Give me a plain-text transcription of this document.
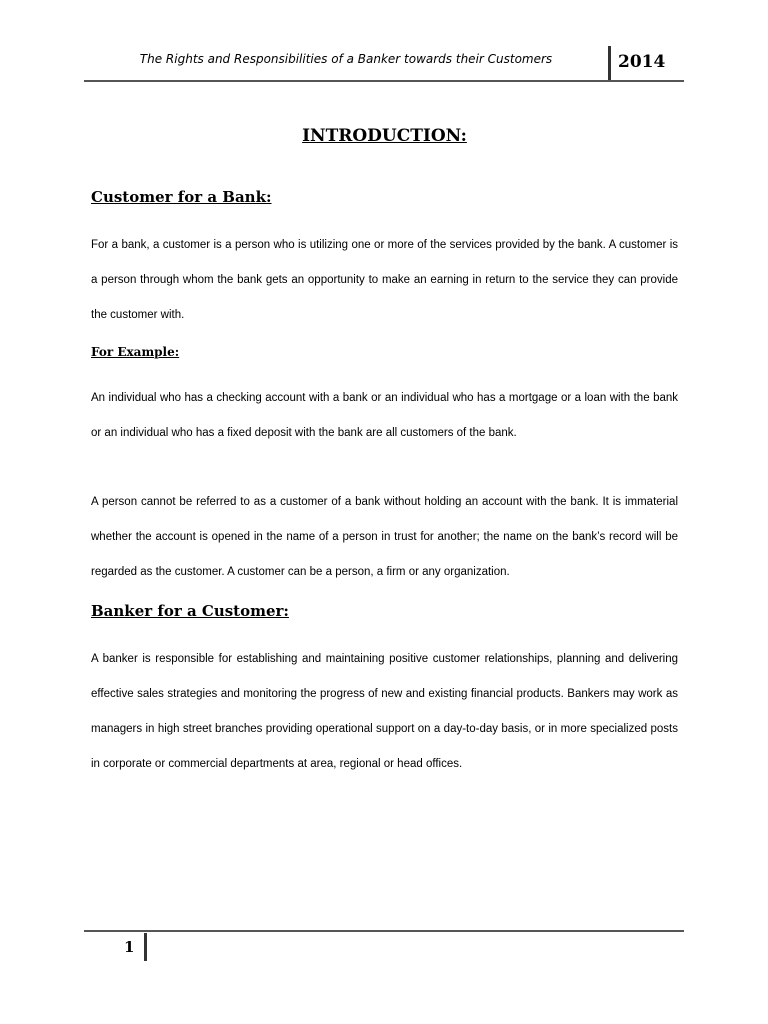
The Rights and Responsibilities of a Banker towards their Customers	2014
INTRODUCTION:
Customer for a Bank:

For a bank, a customer is a person who is utilizing one or more of the services provided by the bank. A customer is a person through whom the bank gets an opportunity to make an earning in return to the service they can provide the customer with.

For Example:

An individual who has a checking account with a bank or an individual who has a mortgage or a loan with the bank or an individual who has a fixed deposit with the bank are all customers of the bank.

A person cannot be referred to as a customer of a bank without holding an account with the bank. It is immaterial whether the account is opened in the name of a person in trust for another; the name on the bank’s record will be regarded as the customer. A customer can be a person, a firm or any organization.

Banker for a Customer:

A banker is responsible for establishing and maintaining positive customer relationships, planning and delivering effective sales strategies and monitoring the progress of new and existing financial products. Bankers may work as managers in high street branches providing operational support on a day-to-day basis, or in more specialized posts in corporate or commercial departments at area, regional or head offices.

1
